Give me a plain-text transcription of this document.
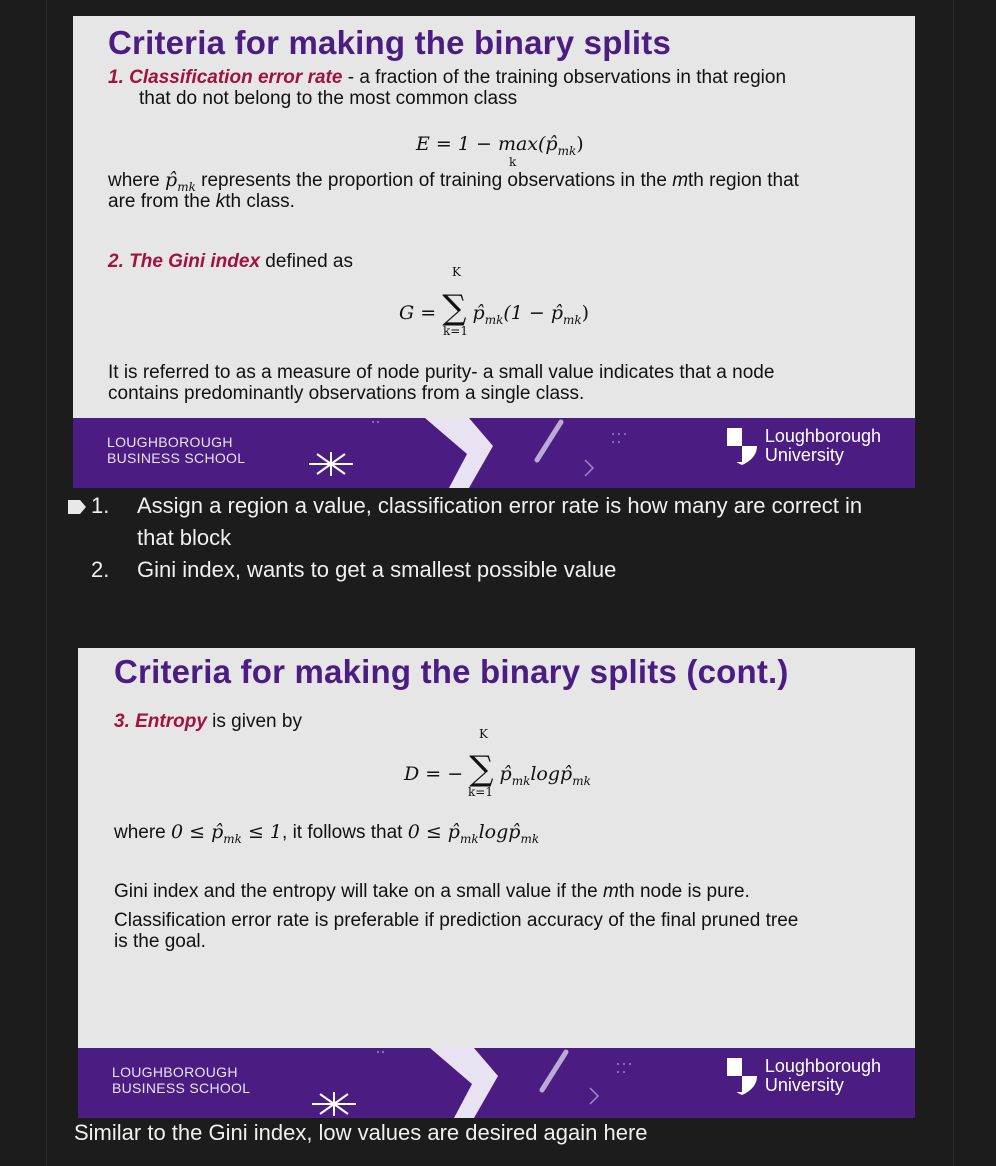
Criteria for making the binary splits
1. Classification error rate - a fraction of the training observations in that region
that do not belong to the most common class
$E = 1 - \max(p̂_{mk})$
k
where $p̂_{mk}$ represents the proportion of training observations in the mth region that
are from the kth class.
2. The Gini index defined as	K
G = ∑ $p̂_{mk}(1$ − $p̂_{mk}$)
k=1
It is referred to as a measure of node purity- a small value indicates that a node
contains predominantly observations from a single class.
LOUGHBOROUGH
BUSINESS SCHOOL
Loughborough
University
1. Assign a region a value, classification error rate is how many are correct in
that block
2. Gini index, wants to get a smallest possible value
Criteria for making the binary splits (cont.)
3. Entropy is given by
K
D = − ∑ $p̂_{mk}\log p̂_{mk}$
k=1
where $0 \le p̂_{mk} \le 1$, it follows that $0 \le p̂_{mk}\log p̂_{mk}$
Gini index and the entropy will take on a small value if the mth node is pure.
Classification error rate is preferable if prediction accuracy of the final pruned tree
is the goal.
LOUGHBOROUGH
BUSINESS SCHOOL
Loughborough
University
Similar to the Gini index, low values are desired again here
